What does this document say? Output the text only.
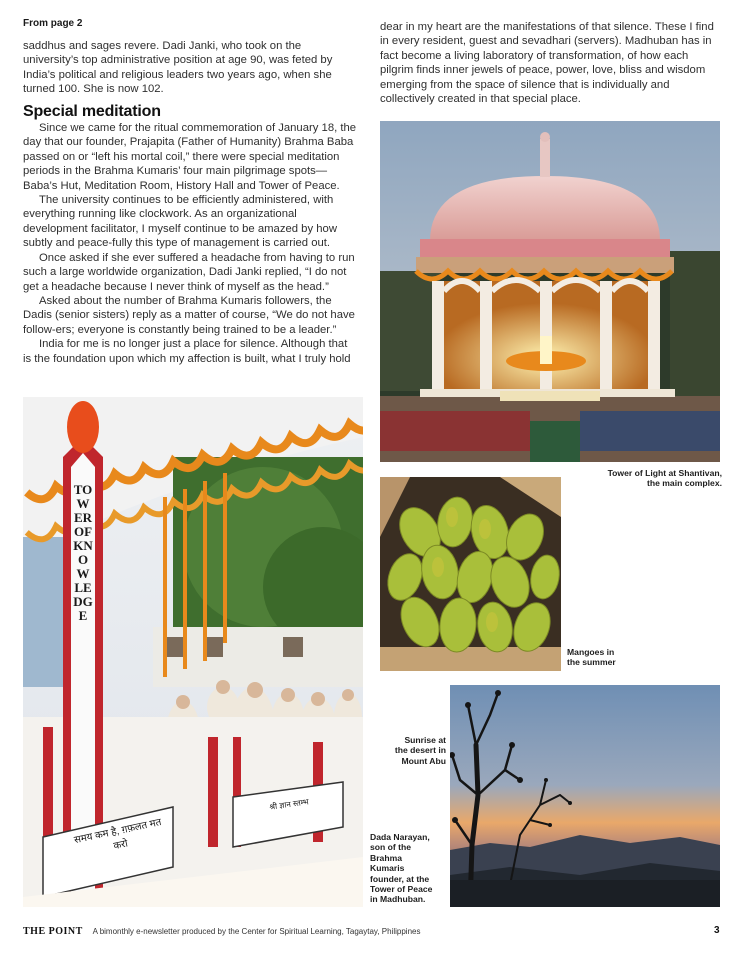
From page 2

saddhus and sages revere. Dadi Janki, who took on the university’s top administrative position at age 90, was feted by India’s political and religious leaders two years ago, when she turned 100. She is now 102.

Special meditation

Since we came for the ritual commemoration of January 18, the day that our founder, Prajapita (Father of Humanity) Brahma Baba passed on or “left his mortal coil,” there were special meditation periods in the Brahma Kumaris’ four main pilgrimage spots—Baba’s Hut, Meditation Room, History Hall and Tower of Peace.

The university continues to be efficiently administered, with everything running like clockwork. As an organizational development facilitator, I myself continue to be amazed by how subtly and peace-fully this type of management is carried out.

Once asked if she ever suffered a headache from having to run such a large worldwide organization, Dadi Janki replied, “I do not get a headache because I never think of myself as the head.”

Asked about the number of Brahma Kumaris followers, the Dadis (senior sisters) reply as a matter of course, “We do not have follow-ers; everyone is constantly being trained to be a leader.”

India for me is no longer just a place for silence. Although that is the foundation upon which my affection is built, what I truly hold

dear in my heart are the manifestations of that silence. These I find in every resident, guest and sevadhari (servers). Madhuban has in fact become a living laboratory of transformation, of how each pilgrim finds inner jewels of peace, power, love, bliss and wisdom emerging from the space of silence that is individually and collectively created in that special place.

Tower of Light at Shantivan, the main complex.
Mangoes in the summer
Sunrise at the desert in Mount Abu
TOWER OF KNOWLEDGE
समय कम है, ग़फ़लत मत करो
श्री ज्ञान स्तम्भ
Dada Narayan, son of the Brahma Kumaris founder, at the Tower of Peace in Madhuban.
THE POINT A bimonthly e-newsletter produced by the Center for Spiritual Learning, Tagaytay, Philippines	3
